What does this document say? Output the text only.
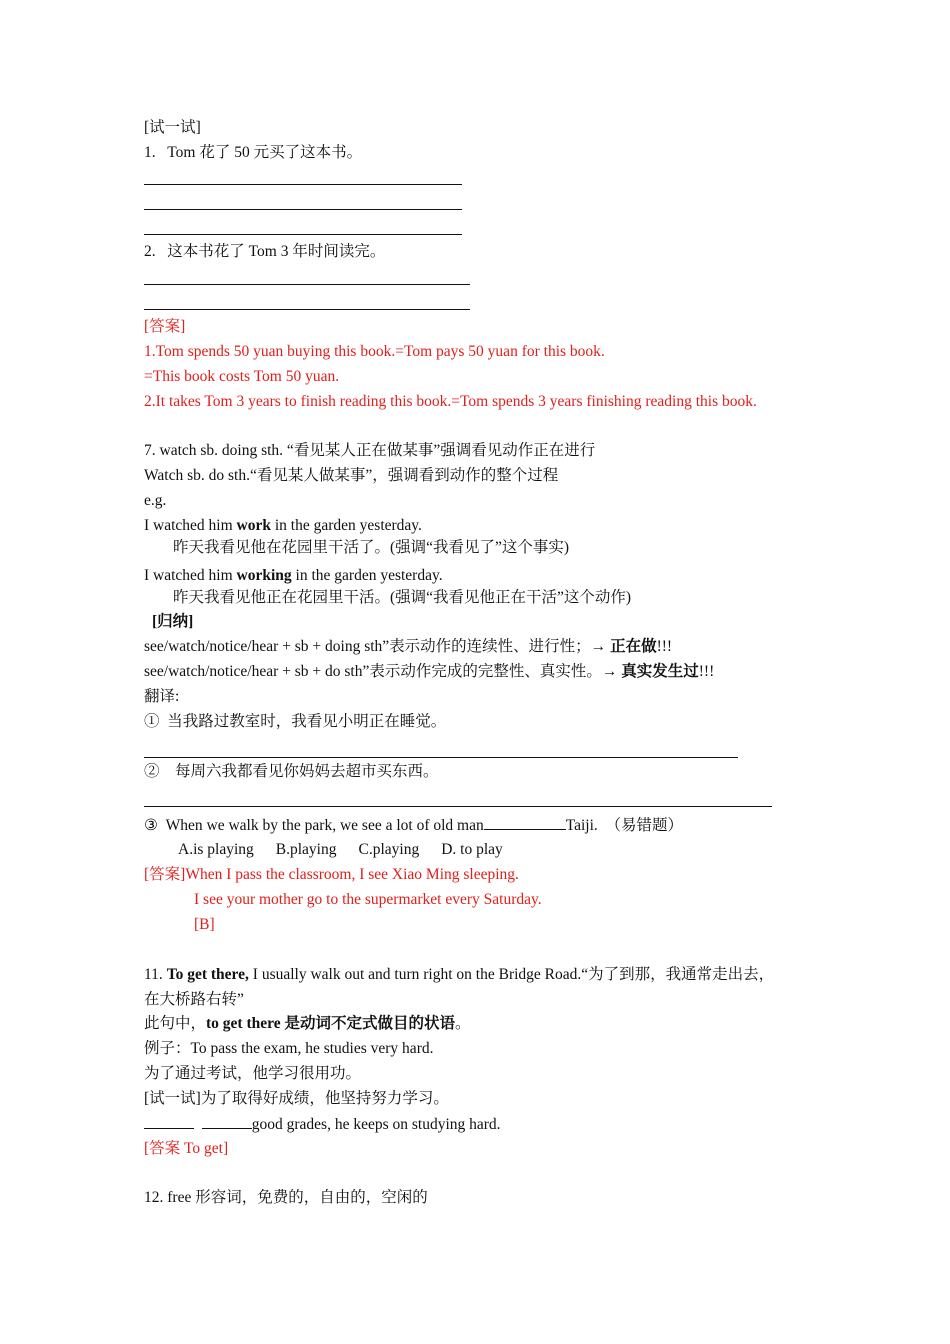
[试一试]
1.   Tom 花了 50 元买了这本书。
2.   这本书花了 Tom 3 年时间读完。
[答案]
1.Tom spends 50 yuan buying this book.=Tom pays 50 yuan for this book.
=This book costs Tom 50 yuan.
2.It takes Tom 3 years to finish reading this book.=Tom spends 3 years finishing reading this book.
7. watch sb. doing sth. “看见某人正在做某事”强调看见动作正在进行
Watch sb. do sth.“看见某人做某事”，强调看到动作的整个过程
e.g.
I watched him work in the garden yesterday.
昨天我看见他在花园里干活了。(强调“我看见了”这个事实)
I watched him working in the garden yesterday.
昨天我看见他正在花园里干活。(强调“我看见他正在干活”这个动作)
[归纳]
see/watch/notice/hear + sb + doing sth”表示动作的连续性、进行性；→ 正在做!!!
see/watch/notice/hear + sb + do sth”表示动作完成的完整性、真实性。→ 真实发生过!!!
翻译:
①  当我路过教室时，我看见小明正在睡觉。
②    每周六我都看见你妈妈去超市买东西。
③  When we walk by the park, we see a lot of old man	Taiji.  （易错题）
A.is playing B.playing C.playing D. to play
[答案]When I pass the classroom, I see Xiao Ming sleeping.
I see your mother go to the supermarket every Saturday.
[B]
11. To get there, I usually walk out and turn right on the Bridge Road.“为了到那，我通常走出去，
在大桥路右转”
此句中，to get there 是动词不定式做目的状语。
例子：To pass the exam, he studies very hard.
为了通过考试，他学习很用功。
[试一试]为了取得好成绩，他坚持努力学习。
good grades, he keeps on studying hard.
[答案 To get]
12. free 形容词，免费的，自由的，空闲的
